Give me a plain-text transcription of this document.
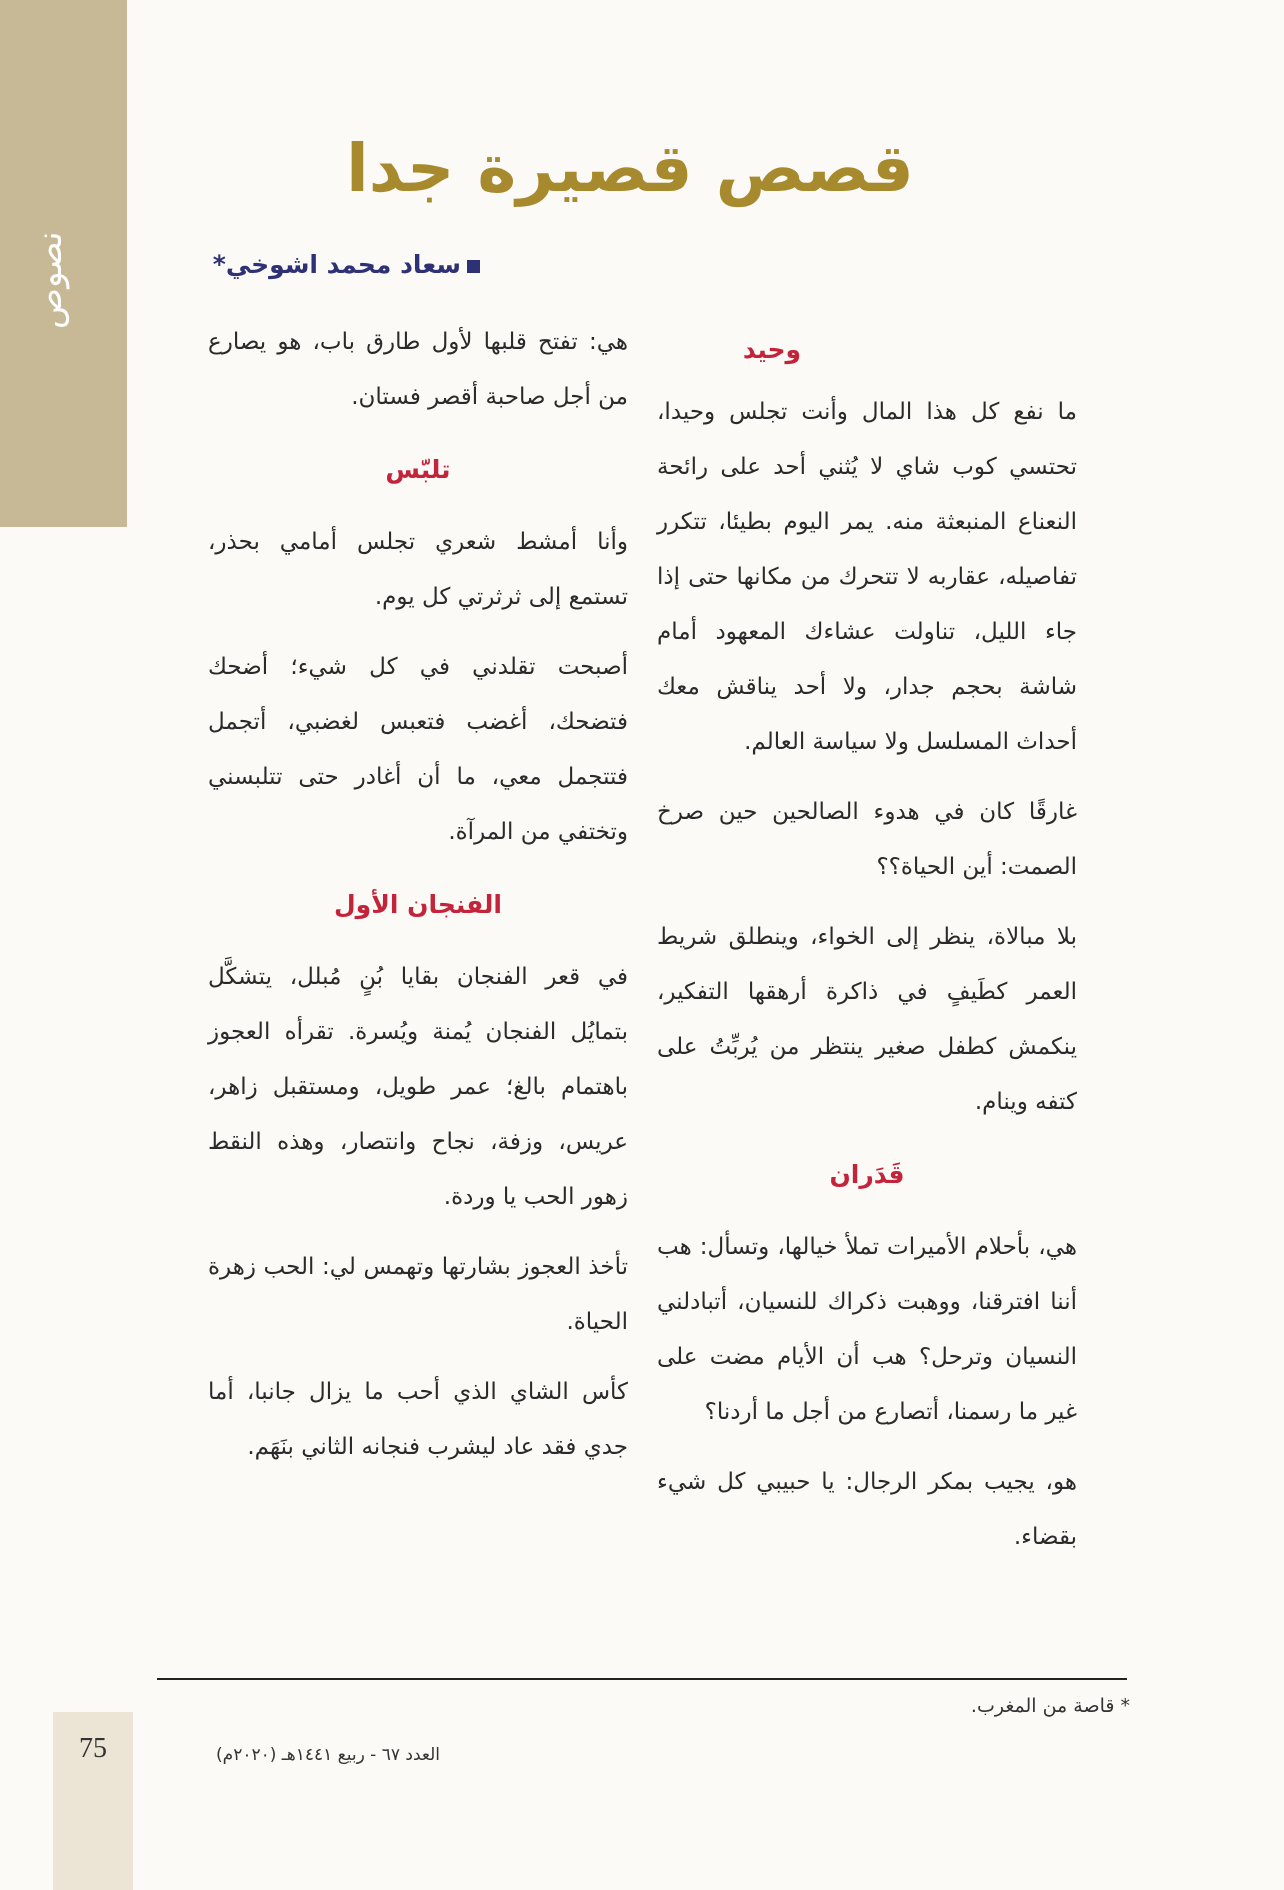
نصوص
قصص قصيرة جدا
سعاد محمد اشوخي*
وحيد

ما نفع كل هذا المال وأنت تجلس وحيدا، تحتسي كوب شاي لا يُثني أحد على رائحة النعناع المنبعثة منه. يمر اليوم بطيئا، تتكرر تفاصيله، عقاربه لا تتحرك من مكانها حتى إذا جاء الليل، تناولت عشاءك المعهود أمام شاشة بحجم جدار، ولا أحد يناقش معك أحداث المسلسل ولا سياسة العالم.

غارقًا كان في هدوء الصالحين حين صرخ الصمت: أين الحياة؟؟

بلا مبالاة، ينظر إلى الخواء، وينطلق شريط العمر كطَيفٍ في ذاكرة أرهقها التفكير، ينكمش كطفل صغير ينتظر من يُربِّتُ على كتفه وينام.

قَدَران

هي، بأحلام الأميرات تملأ خيالها، وتسأل: هب أننا افترقنا، ووهبت ذكراك للنسيان، أتبادلني النسيان وترحل؟ هب أن الأيام مضت على غير ما رسمنا، أتصارع من أجل ما أردنا؟

هو، يجيب بمكر الرجال: يا حبيبي كل شيء بقضاء.

هي: تفتح قلبها لأول طارق باب، هو يصارع من أجل صاحبة أقصر فستان.

تلبّس

وأنا أمشط شعري تجلس أمامي بحذر، تستمع إلى ثرثرتي كل يوم.

أصبحت تقلدني في كل شيء؛ أضحك فتضحك، أغضب فتعبس لغضبي، أتجمل فتتجمل معي، ما أن أغادر حتى تتلبسني وتختفي من المرآة.

الفنجان الأول

في قعر الفنجان بقايا بُنٍ مُبلل، يتشكَّل بتمايُل الفنجان يُمنة ويُسرة. تقرأه العجوز باهتمام بالغ؛ عمر طويل، ومستقبل زاهر، عريس، وزفة، نجاح وانتصار، وهذه النقط زهور الحب يا وردة.

تأخذ العجوز بشارتها وتهمس لي: الحب زهرة الحياة.

كأس الشاي الذي أحب ما يزال جانبا، أما جدي فقد عاد ليشرب فنجانه الثاني بنَهَم.

* قاصة من المغرب.
75	العدد ٦٧ - ربيع ١٤٤١هـ (٢٠٢٠م)
